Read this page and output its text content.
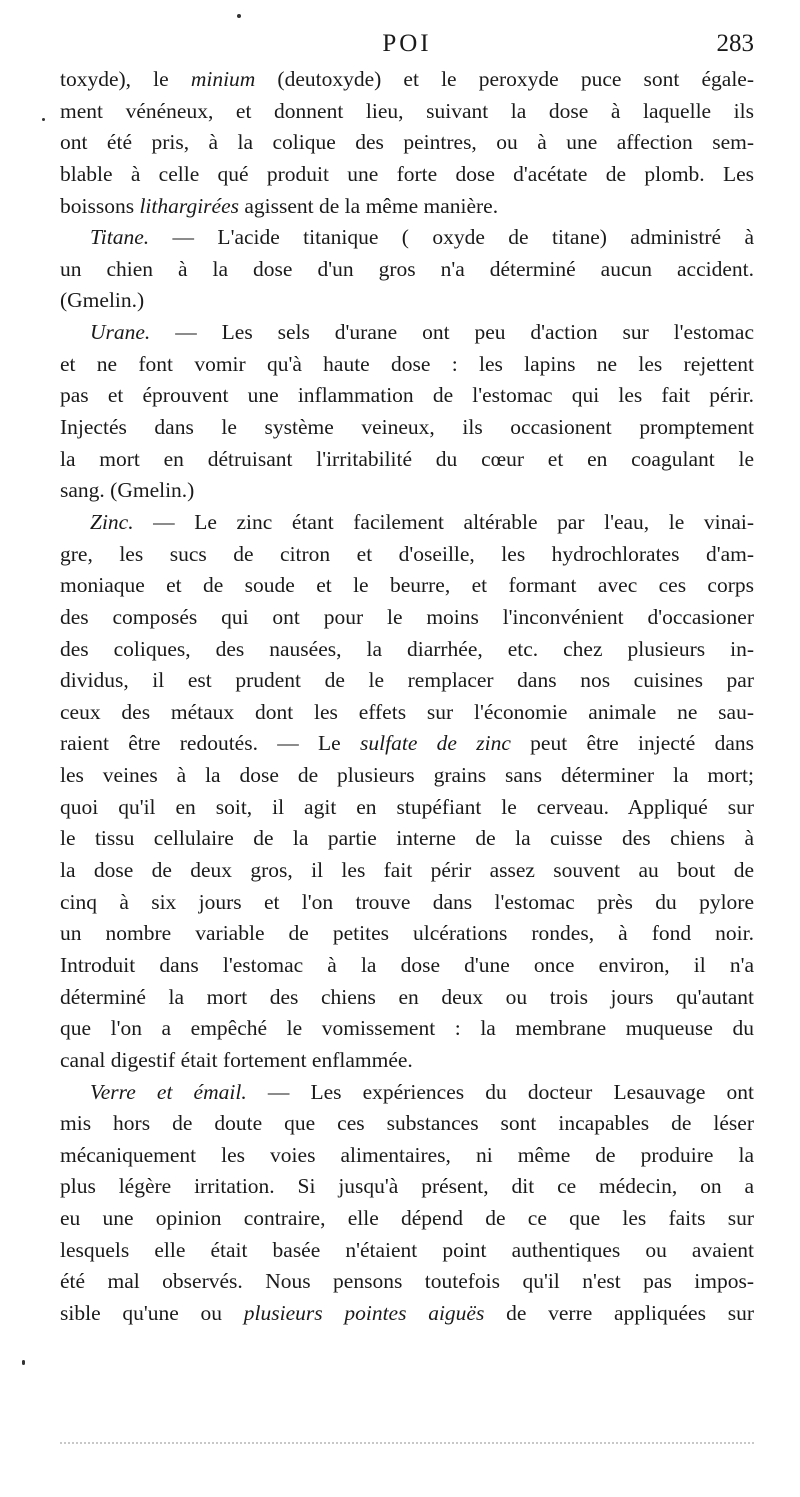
POI	283
toxyde), le minium (deutoxyde) et le peroxyde puce sont égale-
ment vénéneux, et donnent lieu, suivant la dose à laquelle ils
ont été pris, à la colique des peintres, ou à une affection sem-
blable à celle qué produit une forte dose d'acétate de plomb. Les
boissons lithargirées agissent de la même manière.
Titane. — L'acide titanique ( oxyde de titane) administré à
un chien à la dose d'un gros n'a déterminé aucun accident.
(Gmelin.)
Urane. — Les sels d'urane ont peu d'action sur l'estomac
et ne font vomir qu'à haute dose : les lapins ne les rejettent
pas et éprouvent une inflammation de l'estomac qui les fait périr.
Injectés dans le système veineux, ils occasionent promptement
la mort en détruisant l'irritabilité du cœur et en coagulant le
sang. (Gmelin.)
Zinc. — Le zinc étant facilement altérable par l'eau, le vinai-
gre, les sucs de citron et d'oseille, les hydrochlorates d'am-
moniaque et de soude et le beurre, et formant avec ces corps
des composés qui ont pour le moins l'inconvénient d'occasioner
des coliques, des nausées, la diarrhée, etc. chez plusieurs in-
dividus, il est prudent de le remplacer dans nos cuisines par
ceux des métaux dont les effets sur l'économie animale ne sau-
raient être redoutés. — Le sulfate de zinc peut être injecté dans
les veines à la dose de plusieurs grains sans déterminer la mort;
quoi qu'il en soit, il agit en stupéfiant le cerveau. Appliqué sur
le tissu cellulaire de la partie interne de la cuisse des chiens à
la dose de deux gros, il les fait périr assez souvent au bout de
cinq à six jours et l'on trouve dans l'estomac près du pylore
un nombre variable de petites ulcérations rondes, à fond noir.
Introduit dans l'estomac à la dose d'une once environ, il n'a
déterminé la mort des chiens en deux ou trois jours qu'autant
que l'on a empêché le vomissement : la membrane muqueuse du
canal digestif était fortement enflammée.
Verre et émail. — Les expériences du docteur Lesauvage ont
mis hors de doute que ces substances sont incapables de léser
mécaniquement les voies alimentaires, ni même de produire la
plus légère irritation. Si jusqu'à présent, dit ce médecin, on a
eu une opinion contraire, elle dépend de ce que les faits sur
lesquels elle était basée n'étaient point authentiques ou avaient
été mal observés. Nous pensons toutefois qu'il n'est pas impos-
sible qu'une ou plusieurs pointes aiguës de verre appliquées sur
